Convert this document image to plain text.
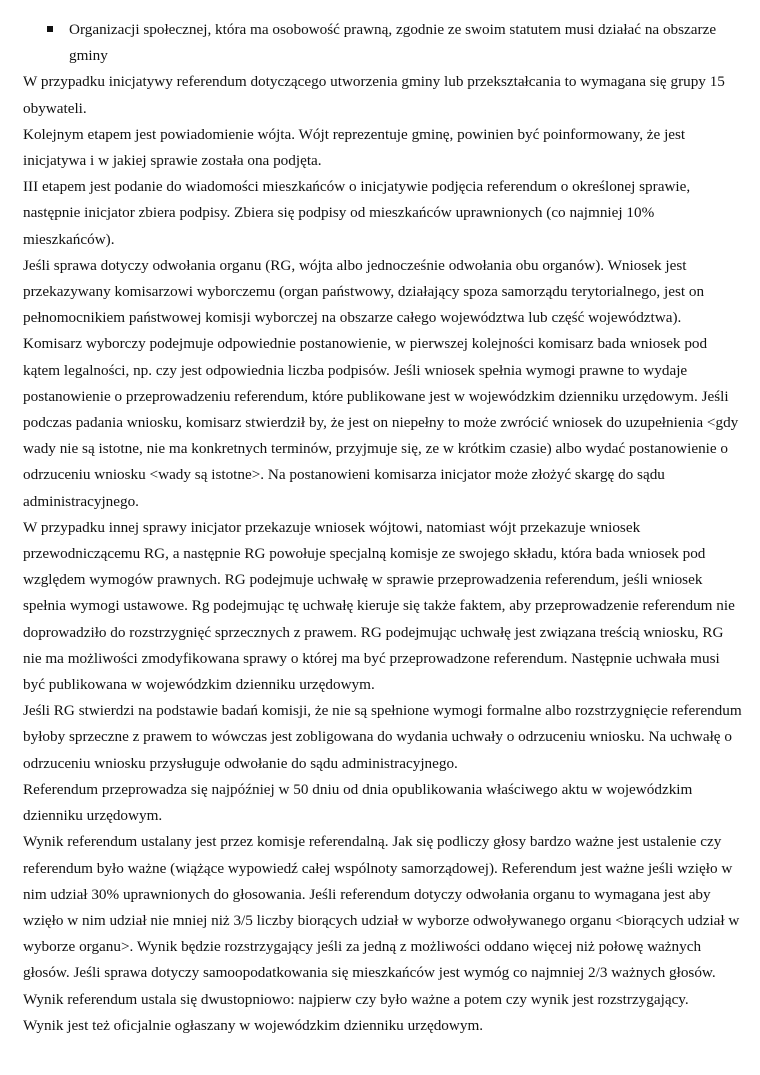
Organizacji społecznej, która ma osobowość prawną, zgodnie ze swoim statutem musi działać na obszarze gminy

W przypadku inicjatywy referendum dotyczącego utworzenia gminy lub przekształcania to wymagana się grupy 15 obywateli.

Kolejnym etapem jest powiadomienie wójta. Wójt reprezentuje gminę, powinien być poinformowany, że jest inicjatywa i w jakiej sprawie została ona podjęta.

III etapem jest podanie do wiadomości mieszkańców o inicjatywie podjęcia referendum o określonej sprawie, następnie inicjator zbiera podpisy. Zbiera się podpisy od mieszkańców uprawnionych (co najmniej 10% mieszkańców).

Jeśli sprawa dotyczy odwołania organu (RG, wójta albo jednocześnie odwołania obu organów). Wniosek jest przekazywany komisarzowi wyborczemu (organ państwowy, działający spoza samorządu terytorialnego, jest on pełnomocnikiem państwowej komisji wyborczej na obszarze całego województwa lub część województwa).

Komisarz wyborczy podejmuje odpowiednie postanowienie, w pierwszej kolejności komisarz bada wniosek pod kątem legalności, np. czy jest odpowiednia liczba podpisów. Jeśli wniosek spełnia wymogi prawne to wydaje postanowienie o przeprowadzeniu referendum, które publikowane jest w wojewódzkim dzienniku urzędowym. Jeśli podczas padania wniosku, komisarz stwierdził by, że jest on niepełny to może zwrócić wniosek do uzupełnienia <gdy wady nie są istotne, nie ma konkretnych terminów, przyjmuje się, ze w krótkim czasie) albo wydać postanowienie o odrzuceniu wniosku <wady są istotne>. Na postanowieni komisarza inicjator może złożyć skargę do sądu administracyjnego.

W przypadku innej sprawy inicjator przekazuje wniosek wójtowi, natomiast wójt przekazuje wniosek przewodniczącemu RG, a następnie RG powołuje specjalną komisje ze swojego składu, która bada wniosek pod względem wymogów prawnych. RG podejmuje uchwałę w sprawie przeprowadzenia referendum, jeśli wniosek spełnia wymogi ustawowe. Rg podejmując tę uchwałę kieruje się także faktem, aby przeprowadzenie referendum nie doprowadziło do rozstrzygnięć sprzecznych z prawem. RG podejmując uchwałę jest związana treścią wniosku, RG nie ma możliwości zmodyfikowana sprawy o której ma być przeprowadzone referendum. Następnie uchwała musi być publikowana w wojewódzkim dzienniku urzędowym.

Jeśli RG stwierdzi na podstawie badań komisji, że nie są spełnione wymogi formalne albo rozstrzygnięcie referendum byłoby sprzeczne z prawem to wówczas jest zobligowana do wydania uchwały o odrzuceniu wniosku. Na uchwałę o odrzuceniu wniosku przysługuje odwołanie do sądu administracyjnego.

Referendum przeprowadza się najpóźniej w 50 dniu od dnia opublikowania właściwego aktu w wojewódzkim dzienniku urzędowym.

Wynik referendum ustalany jest przez komisje referendalną. Jak się podliczy głosy bardzo ważne jest ustalenie czy referendum było ważne (wiążące wypowiedź całej wspólnoty samorządowej). Referendum jest ważne jeśli wzięło w nim udział 30% uprawnionych do głosowania. Jeśli referendum dotyczy odwołania organu to wymagana jest aby wzięło w nim udział nie mniej niż 3/5 liczby biorących udział w wyborze odwoływanego organu <biorących udział w wyborze organu>. Wynik będzie rozstrzygający jeśli za jedną z możliwości oddano więcej niż połowę ważnych głosów. Jeśli sprawa dotyczy samoopodatkowania się mieszkańców jest wymóg co najmniej 2/3 ważnych głosów.

Wynik referendum ustala się dwustopniowo: najpierw czy było ważne a potem czy wynik jest rozstrzygający.

Wynik jest też oficjalnie ogłaszany w wojewódzkim dzienniku urzędowym.
